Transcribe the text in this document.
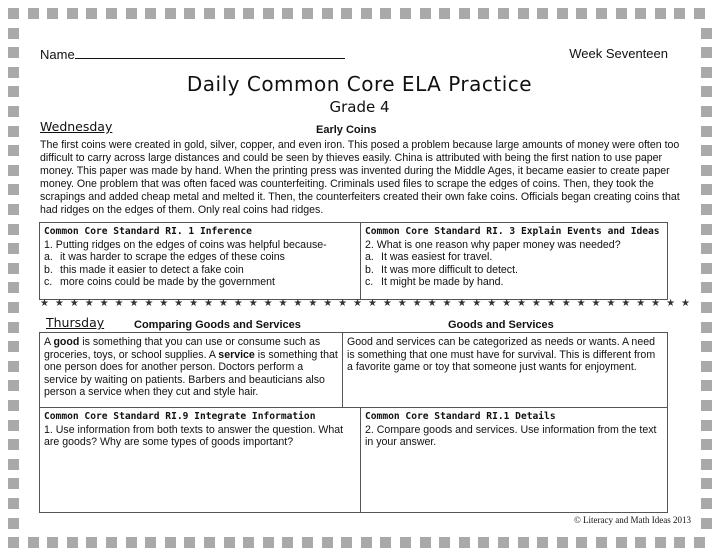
Name	Week Seventeen
Daily Common Core ELA Practice
Grade 4
Wednesday	Early Coins
The first coins were created in gold, silver, copper, and even iron. This posed a problem because large amounts of money were often too difficult to carry across large distances and could be seen by thieves easily. China is attributed with being the first nation to use paper money. This paper was made by hand. When the printing press was invented during the Middle Ages, it became easier to create paper money. One problem that was often faced was counterfeiting. Criminals used files to scrape the edges of coins. Then, they took the scrapings and added cheap metal and melted it. Then, the counterfeiters created their own fake coins. Officials began creating coins that had ridges on the edges of them. Only real coins had ridges.
Common Core Standard RI. 1 Inference
1. Putting ridges on the edges of coins was helpful because-
a. it was harder to scrape the edges of these coins
b. this made it easier to detect a fake coin
c. more coins could be made by the government
Common Core Standard RI. 3 Explain Events and Ideas
2. What is one reason why paper money was needed?
a. It was easiest for travel.
b. It was more difficult to detect.
c. It might be made by hand.
★ ★ ★ ★ ★ ★ ★ ★ ★ ★ ★ ★ ★ ★ ★ ★ ★ ★ ★ ★ ★ ★ ★ ★ ★ ★ ★ ★ ★ ★ ★ ★ ★ ★ ★ ★ ★ ★ ★ ★ ★ ★ ★ ★
Thursday	Comparing Goods and Services	Goods and Services
A good is something that you can use or consume such as groceries, toys, or school supplies. A service is something that one person does for another person. Doctors perform a service by waiting on patients. Barbers and beauticians also person a service when they cut and style hair.
Good and services can be categorized as needs or wants. A need is something that one must have for survival. This is different from a favorite game or toy that someone just wants for enjoyment.
Common Core Standard RI.9 Integrate Information
1. Use information from both texts to answer the question. What are goods? Why are some types of goods important?
Common Core Standard RI.1 Details
2. Compare goods and services. Use information from the text in your answer.
© Literacy and Math Ideas 2013
